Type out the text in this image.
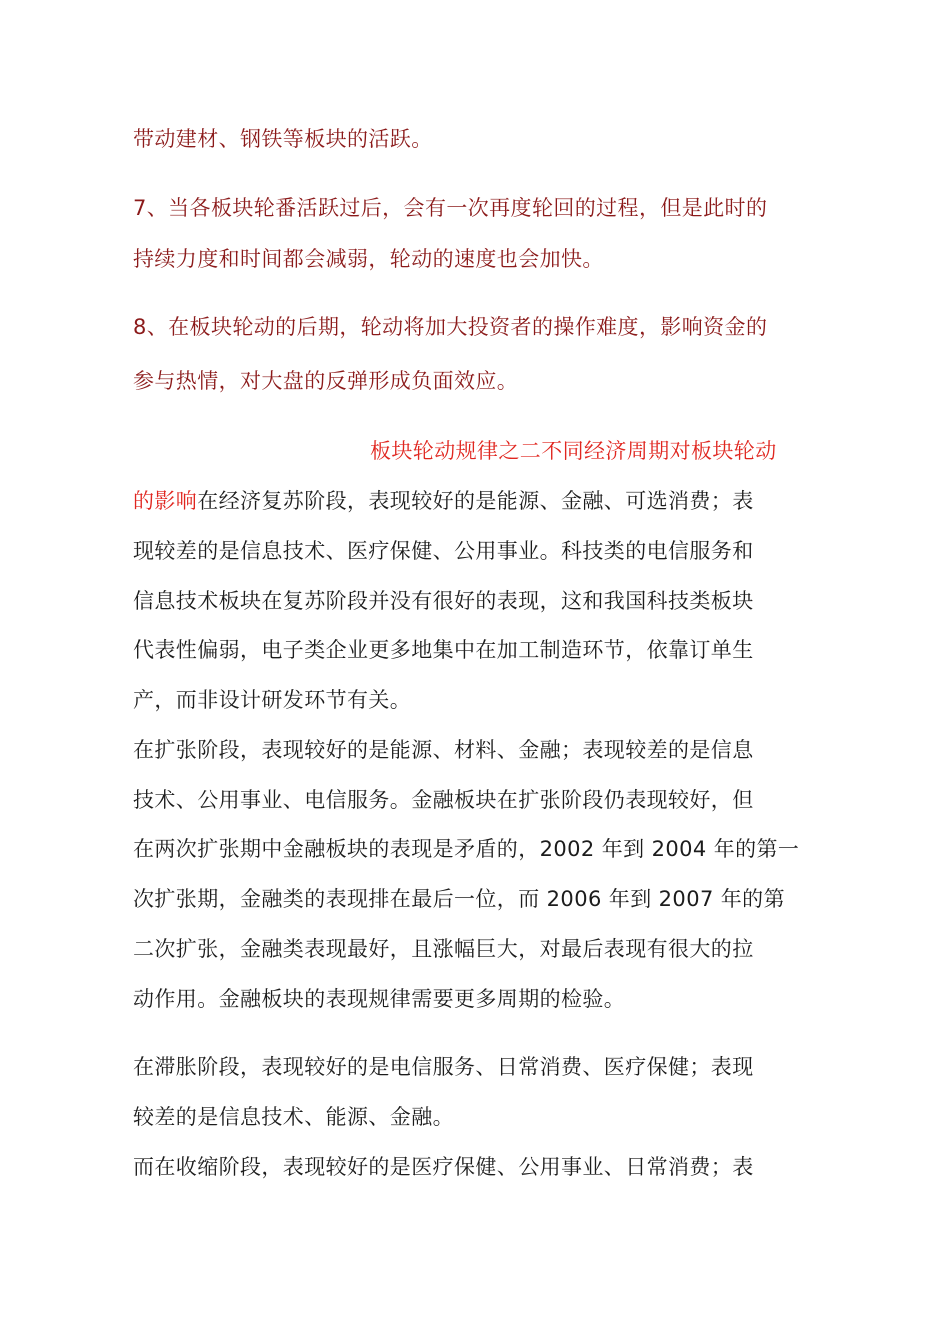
带动建材、钢铁等板块的活跃。
7、当各板块轮番活跃过后，会有一次再度轮回的过程，但是此时的
持续力度和时间都会减弱，轮动的速度也会加快。
8、在板块轮动的后期，轮动将加大投资者的操作难度，影响资金的
参与热情，对大盘的反弹形成负面效应。
板块轮动规律之二不同经济周期对板块轮动
的影响在经济复苏阶段，表现较好的是能源、金融、可选消费；表
现较差的是信息技术、医疗保健、公用事业。科技类的电信服务和
信息技术板块在复苏阶段并没有很好的表现，这和我国科技类板块
代表性偏弱，电子类企业更多地集中在加工制造环节，依靠订单生
产，而非设计研发环节有关。
在扩张阶段，表现较好的是能源、材料、金融；表现较差的是信息
技术、公用事业、电信服务。金融板块在扩张阶段仍表现较好，但
在两次扩张期中金融板块的表现是矛盾的，2002 年到 2004 年的第一
次扩张期，金融类的表现排在最后一位，而 2006 年到 2007 年的第
二次扩张，金融类表现最好，且涨幅巨大，对最后表现有很大的拉
动作用。金融板块的表现规律需要更多周期的检验。
在滞胀阶段，表现较好的是电信服务、日常消费、医疗保健；表现
较差的是信息技术、能源、金融。
而在收缩阶段，表现较好的是医疗保健、公用事业、日常消费；表
